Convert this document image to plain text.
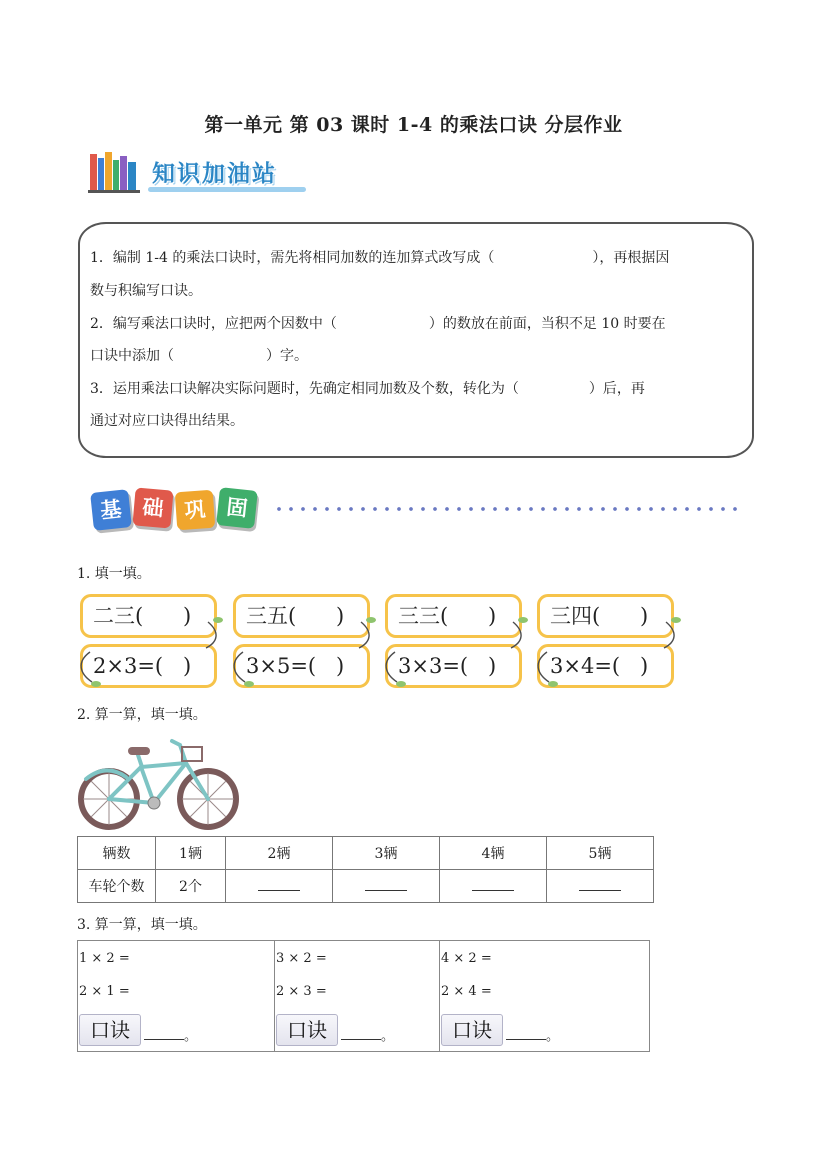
第一单元 第 03 课时 1-4 的乘法口诀 分层作业
知识加油站
1．编制 1-4 的乘法口诀时，需先将相同加数的连加算式改写成（	），再根据因
数与积编写口诀。
2．编写乘法口诀时，应把两个因数中（	）的数放在前面，当积不足 10 时要在
口诀中添加（	）字。
3．运用乘法口诀解决实际问题时，先确定相同加数及个数，转化为（	）后，再
通过对应口诀得出结果。
基 础 巩 固
1. 填一填。
二三( )
2×3=( )
三五( )
3×5=( )
三三( )
3×3=( )
三四( )
3×4=( )
2. 算一算，填一填。
辆数	1辆	2辆	3辆	4辆	5辆
车轮个数	2个				
3. 算一算，填一填。
1 × 2 =
2 × 1 =
口诀	。
3 × 2 =
2 × 3 =
口诀	。
4 × 2 =
2 × 4 =
口诀	。
